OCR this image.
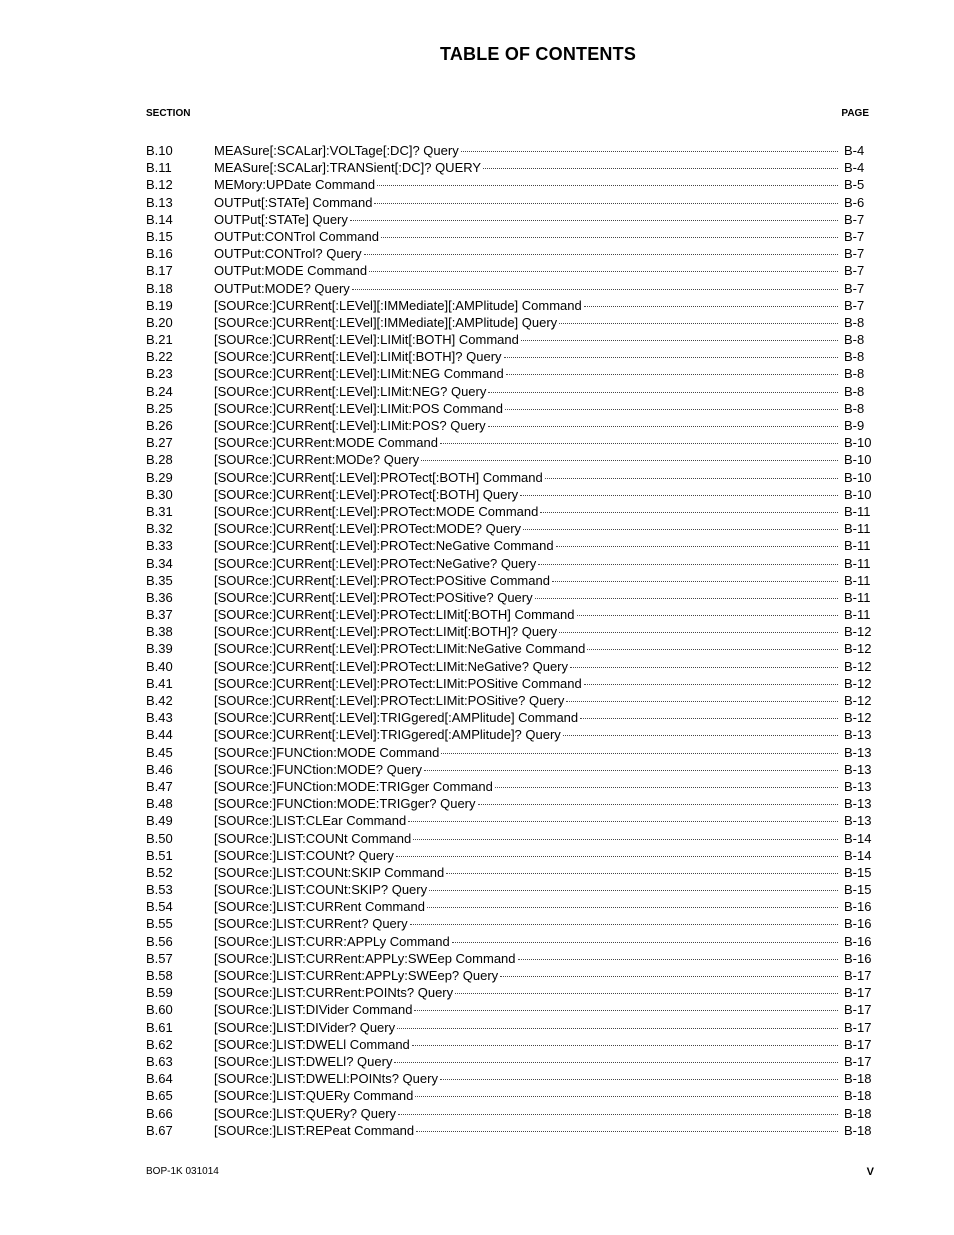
TABLE OF CONTENTS
SECTION	PAGE
B.10	MEASure[:SCALar]:VOLTage[:DC]? Query	B-4
B.11	MEASure[:SCALar]:TRANSient[:DC]? QUERY	B-4
B.12	MEMory:UPDate Command	B-5
B.13	OUTPut[:STATe] Command	B-6
B.14	OUTPut[:STATe] Query	B-7
B.15	OUTPut:CONTrol Command	B-7
B.16	OUTPut:CONTrol? Query	B-7
B.17	OUTPut:MODE Command	B-7
B.18	OUTPut:MODE? Query	B-7
B.19	[SOURce:]CURRent[:LEVel][:IMMediate][:AMPlitude] Command	B-7
B.20	[SOURce:]CURRent[:LEVel][:IMMediate][:AMPlitude] Query	B-8
B.21	[SOURce:]CURRent[:LEVel]:LIMit[:BOTH] Command	B-8
B.22	[SOURce:]CURRent[:LEVel]:LIMit[:BOTH]? Query	B-8
B.23	[SOURce:]CURRent[:LEVel]:LIMit:NEG Command	B-8
B.24	[SOURce:]CURRent[:LEVel]:LIMit:NEG? Query	B-8
B.25	[SOURce:]CURRent[:LEVel]:LIMit:POS Command	B-8
B.26	[SOURce:]CURRent[:LEVel]:LIMit:POS? Query	B-9
B.27	[SOURce:]CURRent:MODE Command	B-10
B.28	[SOURce:]CURRent:MODe? Query	B-10
B.29	[SOURce:]CURRent[:LEVel]:PROTect[:BOTH] Command	B-10
B.30	[SOURce:]CURRent[:LEVel]:PROTect[:BOTH] Query	B-10
B.31	[SOURce:]CURRent[:LEVel]:PROTect:MODE Command	B-11
B.32	[SOURce:]CURRent[:LEVel]:PROTect:MODE? Query	B-11
B.33	[SOURce:]CURRent[:LEVel]:PROTect:NeGative Command	B-11
B.34	[SOURce:]CURRent[:LEVel]:PROTect:NeGative? Query	B-11
B.35	[SOURce:]CURRent[:LEVel]:PROTect:POSitive Command	B-11
B.36	[SOURce:]CURRent[:LEVel]:PROTect:POSitive? Query	B-11
B.37	[SOURce:]CURRent[:LEVel]:PROTect:LIMit[:BOTH] Command	B-11
B.38	[SOURce:]CURRent[:LEVel]:PROTect:LIMit[:BOTH]? Query	B-12
B.39	[SOURce:]CURRent[:LEVel]:PROTect:LIMit:NeGative Command	B-12
B.40	[SOURce:]CURRent[:LEVel]:PROTect:LIMit:NeGative? Query	B-12
B.41	[SOURce:]CURRent[:LEVel]:PROTect:LIMit:POSitive Command	B-12
B.42	[SOURce:]CURRent[:LEVel]:PROTect:LIMit:POSitive? Query	B-12
B.43	[SOURce:]CURRent[:LEVel]:TRIGgered[:AMPlitude] Command	B-12
B.44	[SOURce:]CURRent[:LEVel]:TRIGgered[:AMPlitude]? Query	B-13
B.45	[SOURce:]FUNCtion:MODE Command	B-13
B.46	[SOURce:]FUNCtion:MODE? Query	B-13
B.47	[SOURce:]FUNCtion:MODE:TRIGger Command	B-13
B.48	[SOURce:]FUNCtion:MODE:TRIGger? Query	B-13
B.49	[SOURce:]LIST:CLEar Command	B-13
B.50	[SOURce:]LIST:COUNt Command	B-14
B.51	[SOURce:]LIST:COUNt? Query	B-14
B.52	[SOURce:]LIST:COUNt:SKIP Command	B-15
B.53	[SOURce:]LIST:COUNt:SKIP? Query	B-15
B.54	[SOURce:]LIST:CURRent Command	B-16
B.55	[SOURce:]LIST:CURRent? Query	B-16
B.56	[SOURce:]LIST:CURR:APPLy Command	B-16
B.57	[SOURce:]LIST:CURRent:APPLy:SWEep Command	B-16
B.58	[SOURce:]LIST:CURRent:APPLy:SWEep? Query	B-17
B.59	[SOURce:]LIST:CURRent:POINts? Query	B-17
B.60	[SOURce:]LIST:DIVider Command	B-17
B.61	[SOURce:]LIST:DIVider? Query	B-17
B.62	[SOURce:]LIST:DWELl Command	B-17
B.63	[SOURce:]LIST:DWELl? Query	B-17
B.64	[SOURce:]LIST:DWELl:POINts? Query	B-18
B.65	[SOURce:]LIST:QUERy Command	B-18
B.66	[SOURce:]LIST:QUERy? Query	B-18
B.67	[SOURce:]LIST:REPeat Command	B-18
BOP-1K 031014	V
